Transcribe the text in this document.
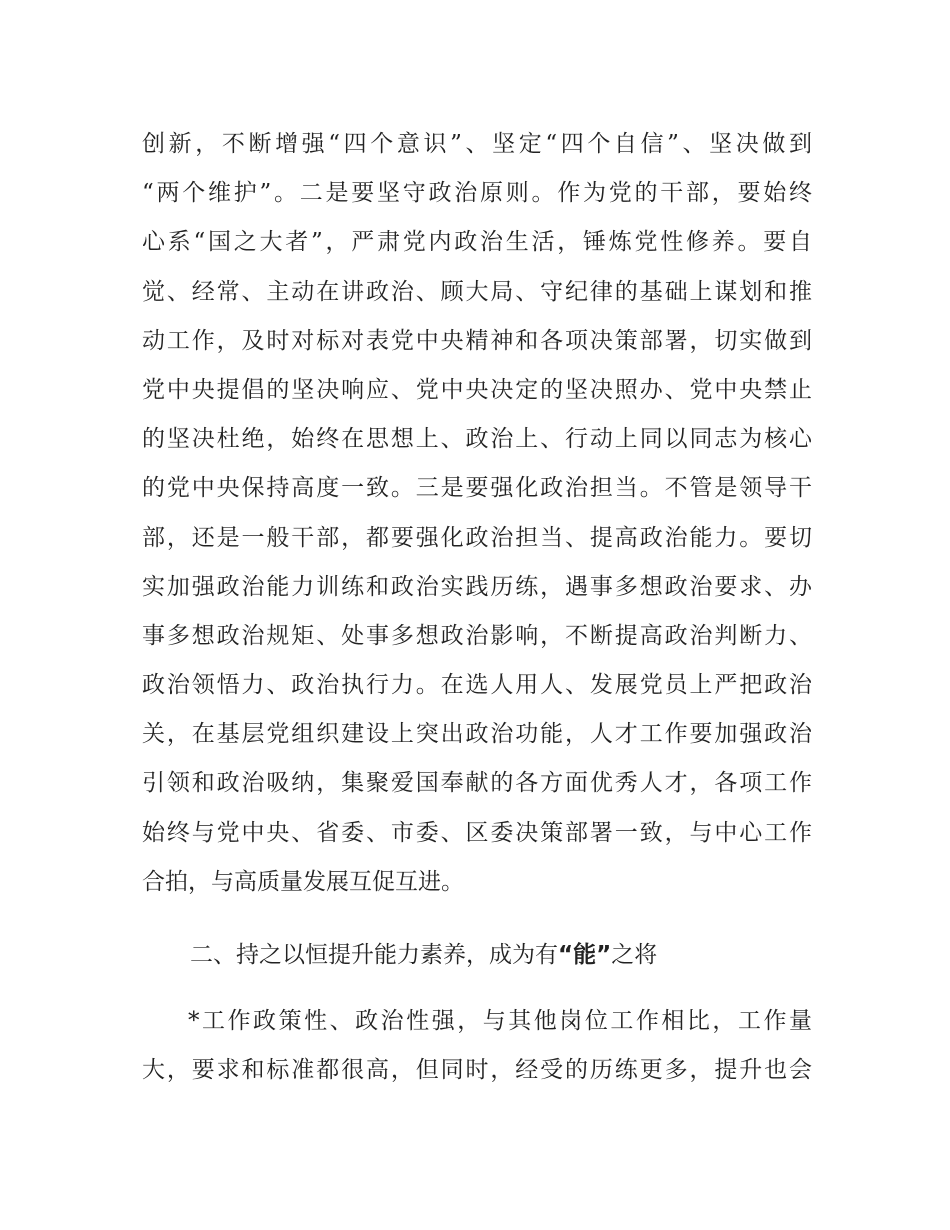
创新，不断增强“四个意识”、坚定“四个自信”、坚决做到
“两个维护”。二是要坚守政治原则。作为党的干部，要始终
心系“国之大者”，严肃党内政治生活，锤炼党性修养。要自
觉、经常、主动在讲政治、顾大局、守纪律的基础上谋划和推
动工作，及时对标对表党中央精神和各项决策部署，切实做到
党中央提倡的坚决响应、党中央决定的坚决照办、党中央禁止
的坚决杜绝，始终在思想上、政治上、行动上同以同志为核心
的党中央保持高度一致。三是要强化政治担当。不管是领导干
部，还是一般干部，都要强化政治担当、提高政治能力。要切
实加强政治能力训练和政治实践历练，遇事多想政治要求、办
事多想政治规矩、处事多想政治影响，不断提高政治判断力、
政治领悟力、政治执行力。在选人用人、发展党员上严把政治
关，在基层党组织建设上突出政治功能，人才工作要加强政治
引领和政治吸纳，集聚爱国奉献的各方面优秀人才，各项工作
始终与党中央、省委、市委、区委决策部署一致，与中心工作
合拍，与高质量发展互促互进。
二、持之以恒提升能力素养，成为有“能”之将
*工作政策性、政治性强，与其他岗位工作相比，工作量
大，要求和标准都很高，但同时，经受的历练更多，提升也会
